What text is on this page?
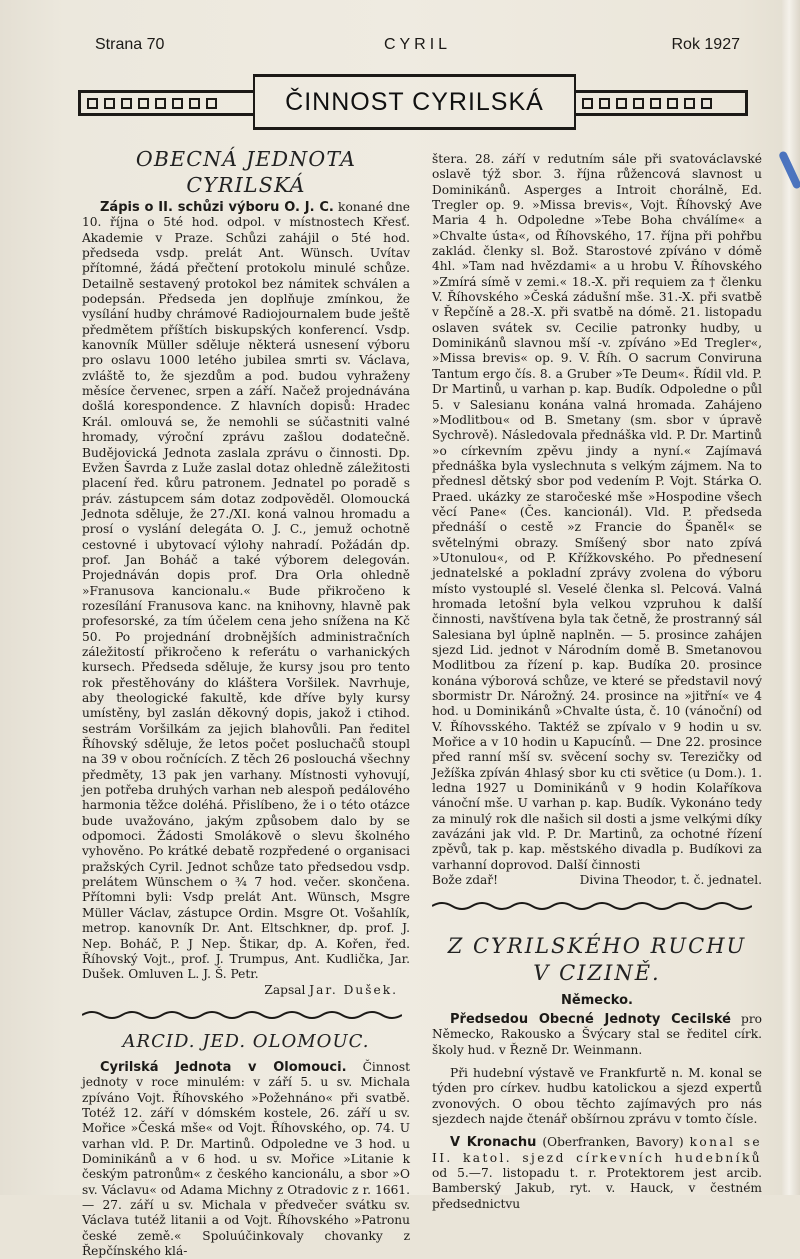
Strana 70	CYRIL	Rok 1927
ČINNOST CYRILSKÁ
OBECNÁ JEDNOTA CYRILSKÁ

Zápis o II. schůzi výboru O. J. C. konané dne 10. října o 5té hod. odpol. v místnostech Křesť. Akademie v Praze. Schůzi zahájil o 5té hod. předseda vsdp. prelát Ant. Wünsch. Uvítav přítomné, žádá přečtení protokolu minulé schůze. Detailně sestavený protokol bez námitek schválen a podepsán. Předseda jen doplňuje zmínkou, že vysílání hudby chrámové Radiojournalem bude ještě předmětem příštích biskupských konferencí. Vsdp. kanovník Müller sděluje některá usnesení výboru pro oslavu 1000 letého jubilea smrti sv. Václava, zvláště to, že sjezdům a pod. budou vyhraženy měsíce červenec, srpen a září. Načež projednávána došlá korespondence. Z hlavních dopisů: Hradec Král. omlouvá se, že nemohli se súčastniti valné hromady, výroční zprávu zašlou dodatečně. Budějovická Jednota zaslala zprávu o činnosti. Dp. Evžen Šavrda z Luže zaslal dotaz ohledně záležitosti placení řed. kůru patronem. Jednatel po poradě s práv. zástupcem sám dotaz zodpověděl. Olomoucká Jednota sděluje, že 27./XI. koná valnou hromadu a prosí o vyslání delegáta O. J. C., jemuž ochotně cestovné i ubytovací výlohy nahradí. Požádán dp. prof. Jan Boháč a také výborem delegován. Projednáván dopis prof. Dra Orla ohledně »Franusova kancionalu.« Bude přikročeno k rozesílání Franusova kanc. na knihovny, hlavně pak profesorské, za tím účelem cena jeho snížena na Kč 50. Po projednání drobnějších administračních záležitostí přikročeno k referátu o varhanických kursech. Předseda sděluje, že kursy jsou pro tento rok přestěhovány do kláštera Voršilek. Navrhuje, aby theologické fakultě, kde dříve byly kursy umístěny, byl zaslán děkovný dopis, jakož i ctihod. sestrám Voršilkám za jejich blahovůli. Pan ředitel Říhovský sděluje, že letos počet posluchačů stoupl na 39 v obou ročnících. Z těch 26 poslouchá všechny předměty, 13 pak jen varhany. Místnosti vyhovují, jen potřeba druhých varhan neb alespoň pedálového harmonia těžce doléhá. Přislíbeno, že i o této otázce bude uvažováno, jakým způsobem dalo by se odpomoci. Žádosti Smolákově o slevu školného vyhověno. Po krátké debatě rozpředené o organisaci pražských Cyril. Jednot schůze tato předsedou vsdp. prelátem Wünschem o ¾ 7 hod. večer. skončena. Přítomni byli: Vsdp prelát Ant. Wünsch, Msgre Müller Václav, zástupce Ordin. Msgre Ot. Vošahlík, metrop. kanovník Dr. Ant. Eltschkner, dp. prof. J. Nep. Boháč, P. J Nep. Štikar, dp. A. Kořen, řed. Říhovský Vojt., prof. J. Trumpus, Ant. Kudlička, Jar. Dušek. Omluven L. J. Š. Petr.

Zapsal Jar. Dušek.

ARCID. JED. OLOMOUC.

Cyrilská Jednota v Olomouci. Činnost jednoty v roce minulém: v září 5. u sv. Michala zpíváno Vojt. Říhovského »Požehnáno« při svatbě. Totéž 12. září v dómském kostele, 26. září u sv. Mořice »Česká mše« od Vojt. Říhovského, op. 74. U varhan vld. P. Dr. Martinů. Odpoledne ve 3 hod. u Dominikánů a v 6 hod. u sv. Mořice »Litanie k českým patronům« z českého kancionálu, a sbor »O sv. Václavu« od Adama Michny z Otradovic z r. 1661. — 27. září u sv. Michala v předvečer svátku sv. Václava tutéž litanii a od Vojt. Říhovského »Patronu české země.« Spoluúčinkovaly chovanky z Řepčínského klá-

štera. 28. září v redutním sále při svatováclavské oslavě týž sbor. 3. října růžencová slavnost u Dominikánů. Asperges a Introit chorálně, Ed. Tregler op. 9. »Missa brevis«, Vojt. Říhovský Ave Maria 4 h. Odpoledne »Tebe Boha chválíme« a »Chvalte ústa«, od Říhovského, 17. října při pohřbu zaklád. členky sl. Bož. Starostové zpíváno v dómě 4hl. »Tam nad hvězdami« a u hrobu V. Říhovského »Zmírá símě v zemi.« 18.-X. při requiem za † členku V. Říhovského »Česká zádušní mše. 31.-X. při svatbě v Řepčíně a 28.-X. při svatbě na dómě. 21. listopadu oslaven svátek sv. Cecilie patronky hudby, u Dominikánů slavnou mší -v. zpíváno »Ed Tregler«, »Missa brevis« op. 9. V. Říh. O sacrum Conviruna Tantum ergo čís. 8. a Gruber »Te Deum«. Řídil vld. P. Dr Martinů, u varhan p. kap. Budík. Odpoledne o půl 5. v Salesianu konána valná hromada. Zahájeno »Modlitbou« od B. Smetany (sm. sbor v úpravě Sychrově). Následovala přednáška vld. P. Dr. Martinů »o církevním zpěvu jindy a nyní.« Zajímavá přednáška byla vyslechnuta s velkým zájmem. Na to přednesl dětský sbor pod vedením P. Vojt. Stárka O. Praed. ukázky ze staročeské mše »Hospodine všech věcí Pane« (Čes. kancionál). Vld. P. předseda přednáší o cestě »z Francie do Španěl« se světelnými obrazy. Smíšený sbor nato zpívá »Utonulou«, od P. Křížkovského. Po přednesení jednatelské a pokladní zprávy zvolena do výboru místo vystouplé sl. Veselé členka sl. Pelcová. Valná hromada letošní byla velkou vzpruhou k další činnosti, navštívena byla tak četně, že prostranný sál Salesiana byl úplně naplněn. — 5. prosince zahájen sjezd Lid. jednot v Národním domě B. Smetanovou Modlitbou za řízení p. kap. Budíka 20. prosince konána výborová schůze, ve které se představil nový sbormistr Dr. Nárožný. 24. prosince na »jitřní« ve 4 hod. u Dominikánů »Chvalte ústa, č. 10 (vánoční) od V. Říhovsského. Taktéž se zpívalo v 9 hodin u sv. Mořice a v 10 hodin u Kapucínů. — Dne 22. prosince před ranní mší sv. svěcení sochy sv. Terezičky od Ježíška zpíván 4hlasý sbor ku cti světice (u Dom.). 1. ledna 1927 u Dominikánů v 9 hodin Kolaříkova vánoční mše. U varhan p. kap. Budík. Vykonáno tedy za minulý rok dle našich sil dosti a jsme velkými díky zavázáni jak vld. P. Dr. Martinů, za ochotné řízení zpěvů, tak p. kap. městského divadla p. Budíkovi za varhanní doprovod. Další činnosti

Bože zdař!	Divina Theodor, t. č. jednatel.

Z CYRILSKÉHO RUCHU
V CIZINĚ.
Německo.

Předsedou Obecné Jednoty Cecilské pro Německo, Rakousko a Švýcary stal se ředitel círk. školy hud. v Řezně Dr. Weinmann.

Při hudební výstavě ve Frankfurtě n. M. konal se týden pro církev. hudbu katolickou a sjezd expertů zvonových. O obou těchto zajímavých pro nás sjezdech najde čtenář obšírnou zprávu v tomto čísle.

V Kronachu (Oberfranken, Bavory) konal se II. katol. sjezd církevních hudebníků od 5.—7. listopadu t. r. Protektorem jest arcib. Bamberský Jakub, ryt. v. Hauck, v čestném předsednictvu
